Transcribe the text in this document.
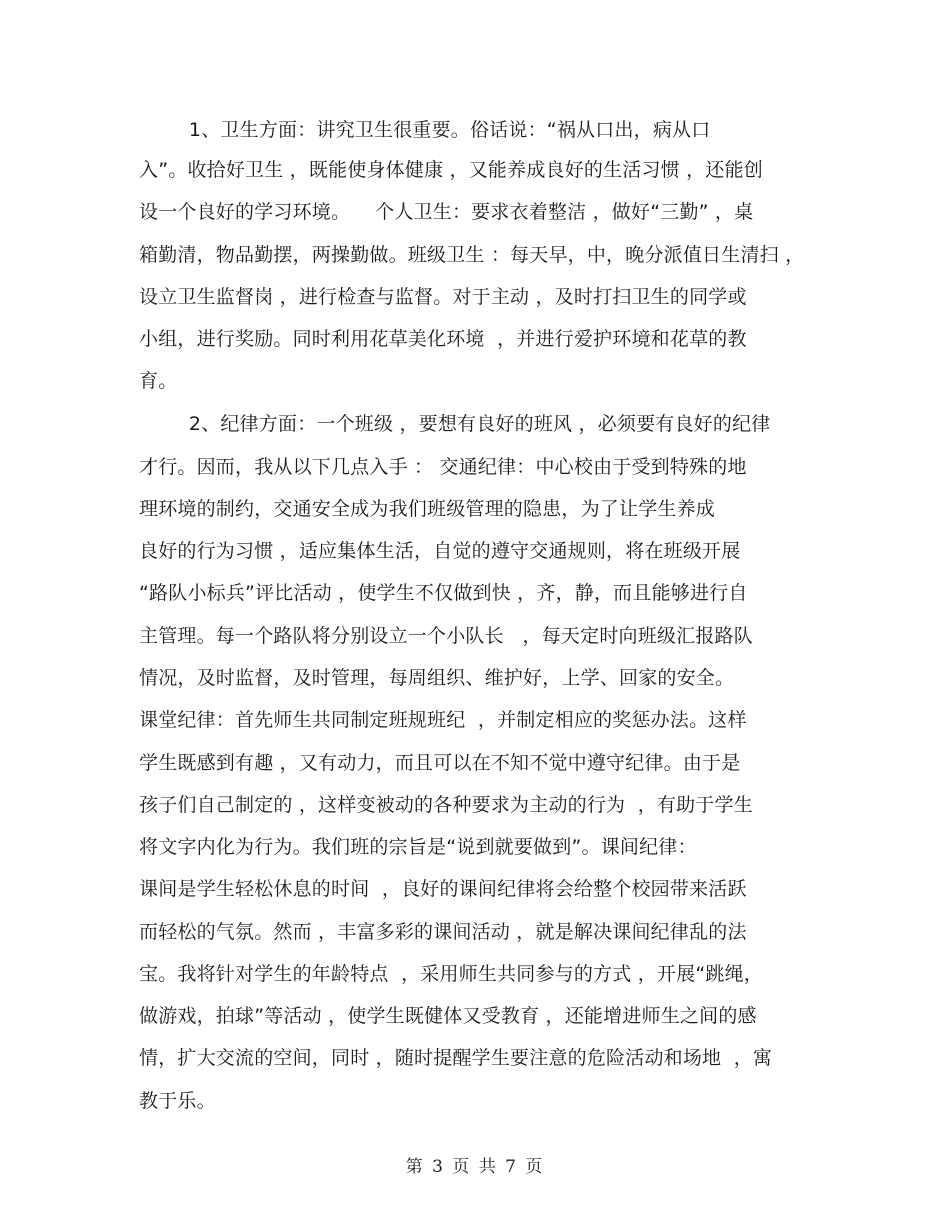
1、卫生方面：讲究卫生很重要。俗话说：“祸从口出，病从口
入”。收拾好卫生 ，既能使身体健康 ，又能养成良好的生活习惯 ，还能创
设一个良好的学习环境。    个人卫生：要求衣着整洁 ，做好“三勤” ，桌
箱勤清，物品勤摆，两操勤做。班级卫生 ：每天早，中，晚分派值日生清扫 ，
设立卫生监督岗 ，进行检查与监督。对于主动 ，及时打扫卫生的同学或
小组，进行奖励。同时利用花草美化环境  ，并进行爱护环境和花草的教
育。
2、纪律方面：一个班级 ，要想有良好的班风 ，必须要有良好的纪律
才行。因而，我从以下几点入手 ： 交通纪律：中心校由于受到特殊的地
理环境的制约，交通安全成为我们班级管理的隐患，为了让学生养成
良好的行为习惯 ，适应集体生活，自觉的遵守交通规则，将在班级开展
“路队小标兵”评比活动 ，使学生不仅做到快 ，齐，静，而且能够进行自
主管理。每一个路队将分别设立一个小队长   ，每天定时向班级汇报路队
情况，及时监督，及时管理，每周组织、维护好，上学、回家的安全。
课堂纪律：首先师生共同制定班规班纪  ，并制定相应的奖惩办法。这样
学生既感到有趣 ，又有动力，而且可以在不知不觉中遵守纪律。由于是
孩子们自己制定的 ，这样变被动的各种要求为主动的行为  ，有助于学生
将文字内化为行为。我们班的宗旨是“说到就要做到”。课间纪律：
课间是学生轻松休息的时间  ，良好的课间纪律将会给整个校园带来活跃
而轻松的气氛。然而 ，丰富多彩的课间活动 ，就是解决课间纪律乱的法
宝。我将针对学生的年龄特点  ，采用师生共同参与的方式 ，开展“跳绳，
做游戏，拍球”等活动 ，使学生既健体又受教育 ，还能增进师生之间的感
情，扩大交流的空间，同时 ，随时提醒学生要注意的危险活动和场地  ，寓
教于乐。
第 3 页 共 7 页
